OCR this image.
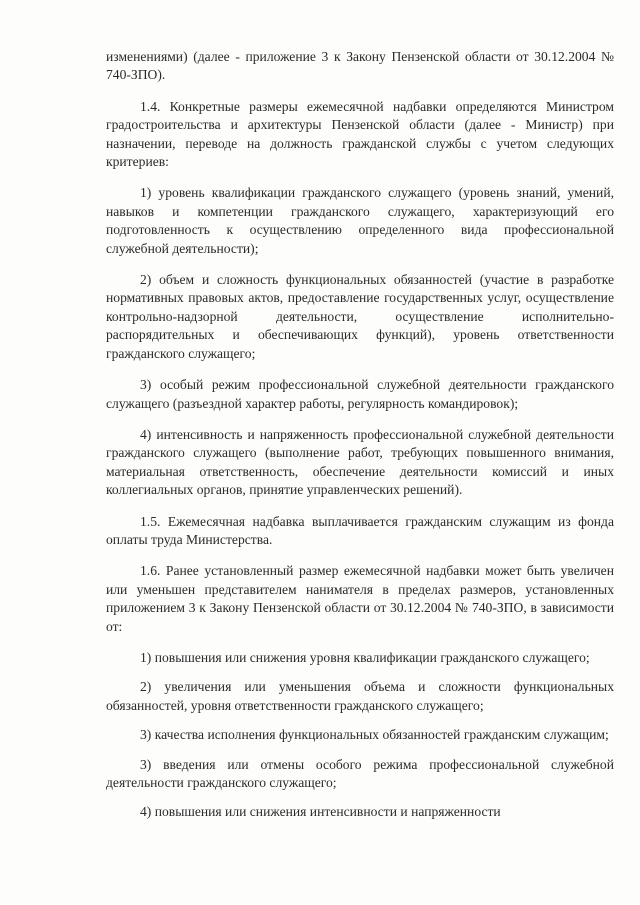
изменениями) (далее - приложение 3 к Закону Пензенской области от 30.12.2004 № 740-ЗПО).

1.4. Конкретные размеры ежемесячной надбавки определяются Министром градостроительства и архитектуры Пензенской области (далее - Министр) при назначении, переводе на должность гражданской службы с учетом следующих критериев:

1) уровень квалификации гражданского служащего (уровень знаний, умений, навыков и компетенции гражданского служащего, характеризующий его подготовленность к осуществлению определенного вида профессиональной служебной деятельности);

2) объем и сложность функциональных обязанностей (участие в разработке нормативных правовых актов, предоставление государственных услуг, осуществление контрольно-надзорной деятельности, осуществление исполнительно-распорядительных и обеспечивающих функций), уровень ответственности гражданского служащего;

3) особый режим профессиональной служебной деятельности гражданского служащего (разъездной характер работы, регулярность командировок);

4) интенсивность и напряженность профессиональной служебной деятельности гражданского служащего (выполнение работ, требующих повышенного внимания, материальная ответственность, обеспечение деятельности комиссий и иных коллегиальных органов, принятие управленческих решений).

1.5. Ежемесячная надбавка выплачивается гражданским служащим из фонда оплаты труда Министерства.

1.6. Ранее установленный размер ежемесячной надбавки может быть увеличен или уменьшен представителем нанимателя в пределах размеров, установленных приложением 3 к Закону Пензенской области от 30.12.2004 № 740-ЗПО, в зависимости от:

1) повышения или снижения уровня квалификации гражданского служащего;

2) увеличения или уменьшения объема и сложности функциональных обязанностей, уровня ответственности гражданского служащего;

3) качества исполнения функциональных обязанностей гражданским служащим;

3) введения или отмены особого режима профессиональной служебной деятельности гражданского служащего;

4) повышения или снижения интенсивности и напряженности
